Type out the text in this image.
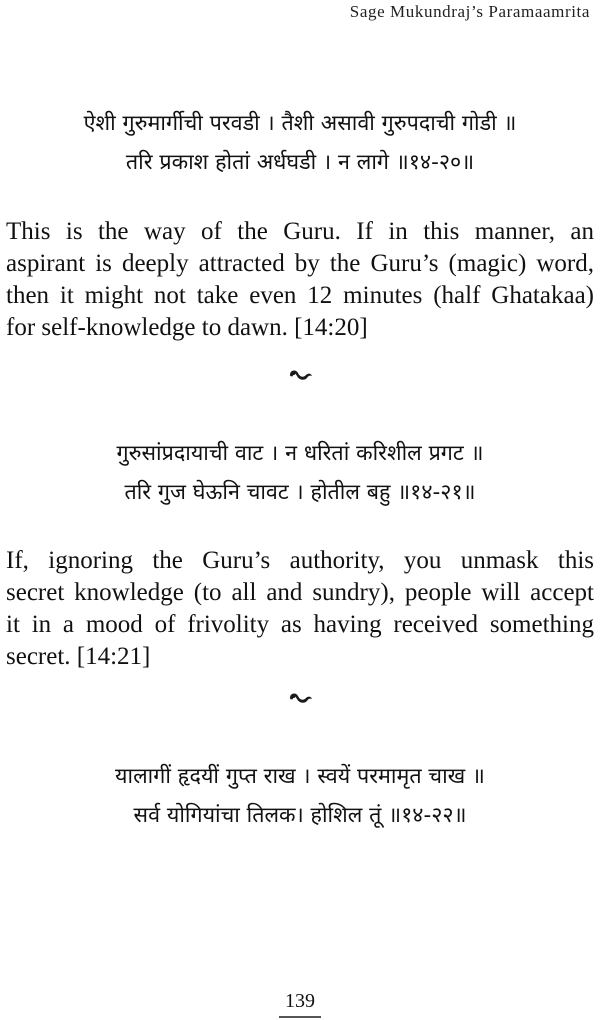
Sage Mukundraj’s Paramaamrita
ऐशी गुरुमार्गीची परवडी । तैशी असावी गुरुपदाची गोडी ॥
तरि प्रकाश होतां अर्धघडी । न लागे ॥१४-२०॥
This is the way of the Guru. If in this manner, an
aspirant is deeply attracted by the Guru’s (magic) word,
then it might not take even 12 minutes (half Ghatakaa)
for self-knowledge to dawn. [14:20]
गुरुसांप्रदायाची वाट । न धरितां करिशील प्रगट ॥
तरि गुज घेऊनि चावट । होतील बहु ॥१४-२१॥
If, ignoring the Guru’s authority, you unmask this
secret knowledge (to all and sundry), people will accept
it in a mood of frivolity as having received something
secret. [14:21]
यालागीं हृदयीं गुप्त राख । स्वयें परमामृत चाख ॥
सर्व योगियांचा तिलक। होशिल तूं ॥१४-२२॥
139
